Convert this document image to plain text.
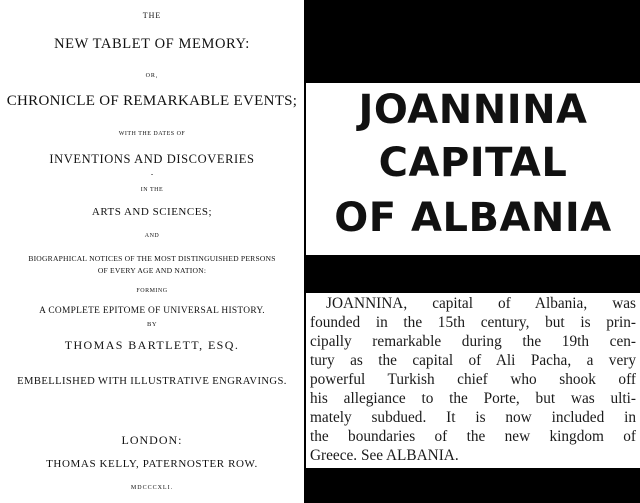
THE
NEW TABLET OF MEMORY:
OR,
CHRONICLE OF REMARKABLE EVENTS;
WITH THE DATES OF
INVENTIONS AND DISCOVERIES
-
IN THE
ARTS AND SCIENCES;
AND
BIOGRAPHICAL NOTICES OF THE MOST DISTINGUISHED PERSONS
OF EVERY AGE AND NATION:
FORMING
A COMPLETE EPITOME OF UNIVERSAL HISTORY.
BY
THOMAS BARTLETT, ESQ.
EMBELLISHED WITH ILLUSTRATIVE ENGRAVINGS.
LONDON:
THOMAS KELLY, PATERNOSTER ROW.
MDCCCXLI.
JOANNINA
CAPITAL
OF ALBANIA
JOANNINA, capital of Albania, was
founded in the 15th century, but is prin-
cipally remarkable during the 19th cen-
tury as the capital of Ali Pacha, a very
powerful Turkish chief who shook off
his allegiance to the Porte, but was ulti-
mately subdued. It is now included in
the boundaries of the new kingdom of
Greece. See ALBANIA.
